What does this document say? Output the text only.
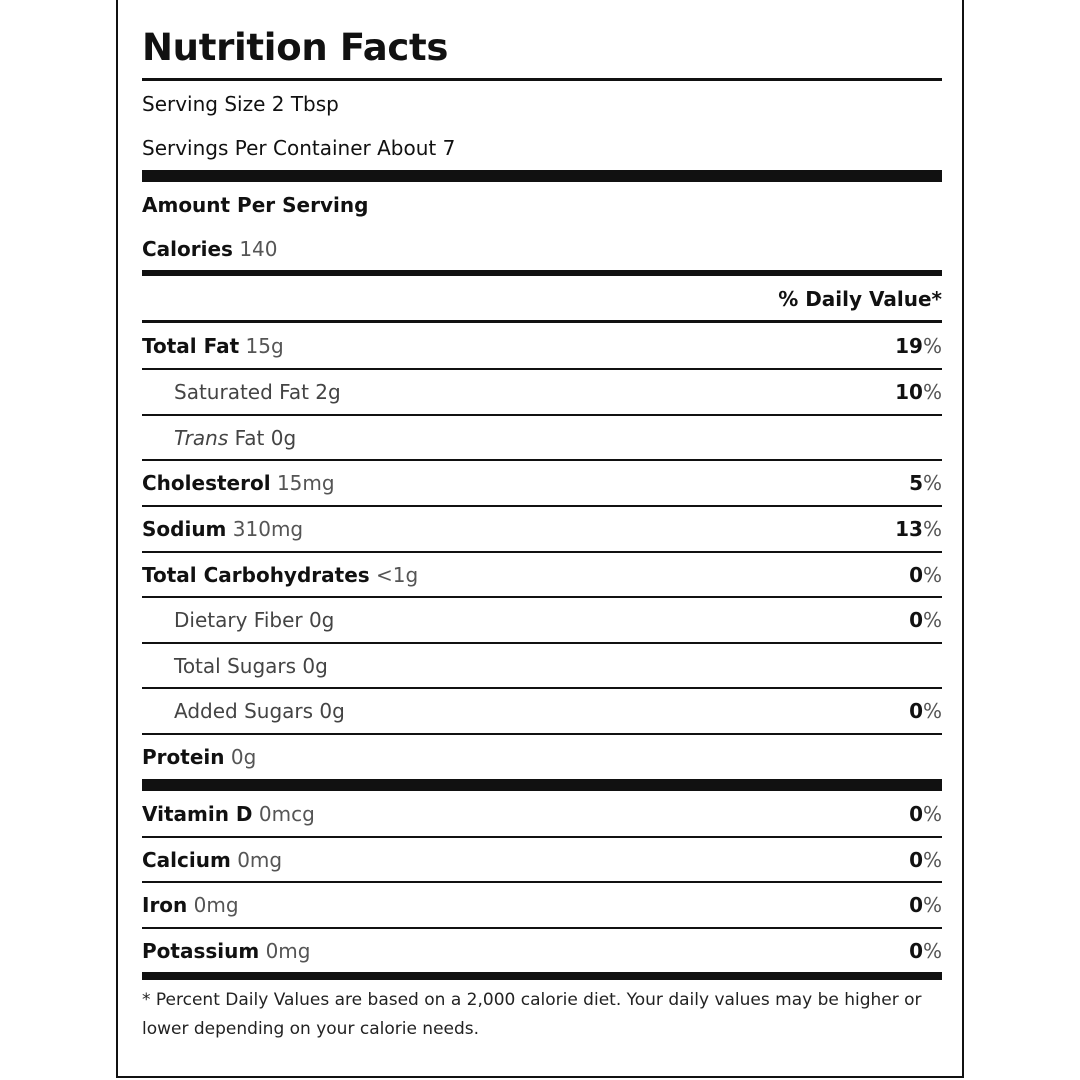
Nutrition Facts
Serving Size 2 Tbsp
Servings Per Container About 7
Amount Per Serving
Calories 140
% Daily Value*
Total Fat 15g	19%
Saturated Fat 2g	10%
Trans Fat 0g
Cholesterol 15mg	5%
Sodium 310mg	13%
Total Carbohydrates <1g	0%
Dietary Fiber 0g	0%
Total Sugars 0g
Added Sugars 0g	0%
Protein 0g
Vitamin D 0mcg	0%
Calcium 0mg	0%
Iron 0mg	0%
Potassium 0mg	0%
* Percent Daily Values are based on a 2,000 calorie diet. Your daily values may be higher or lower depending on your calorie needs.
